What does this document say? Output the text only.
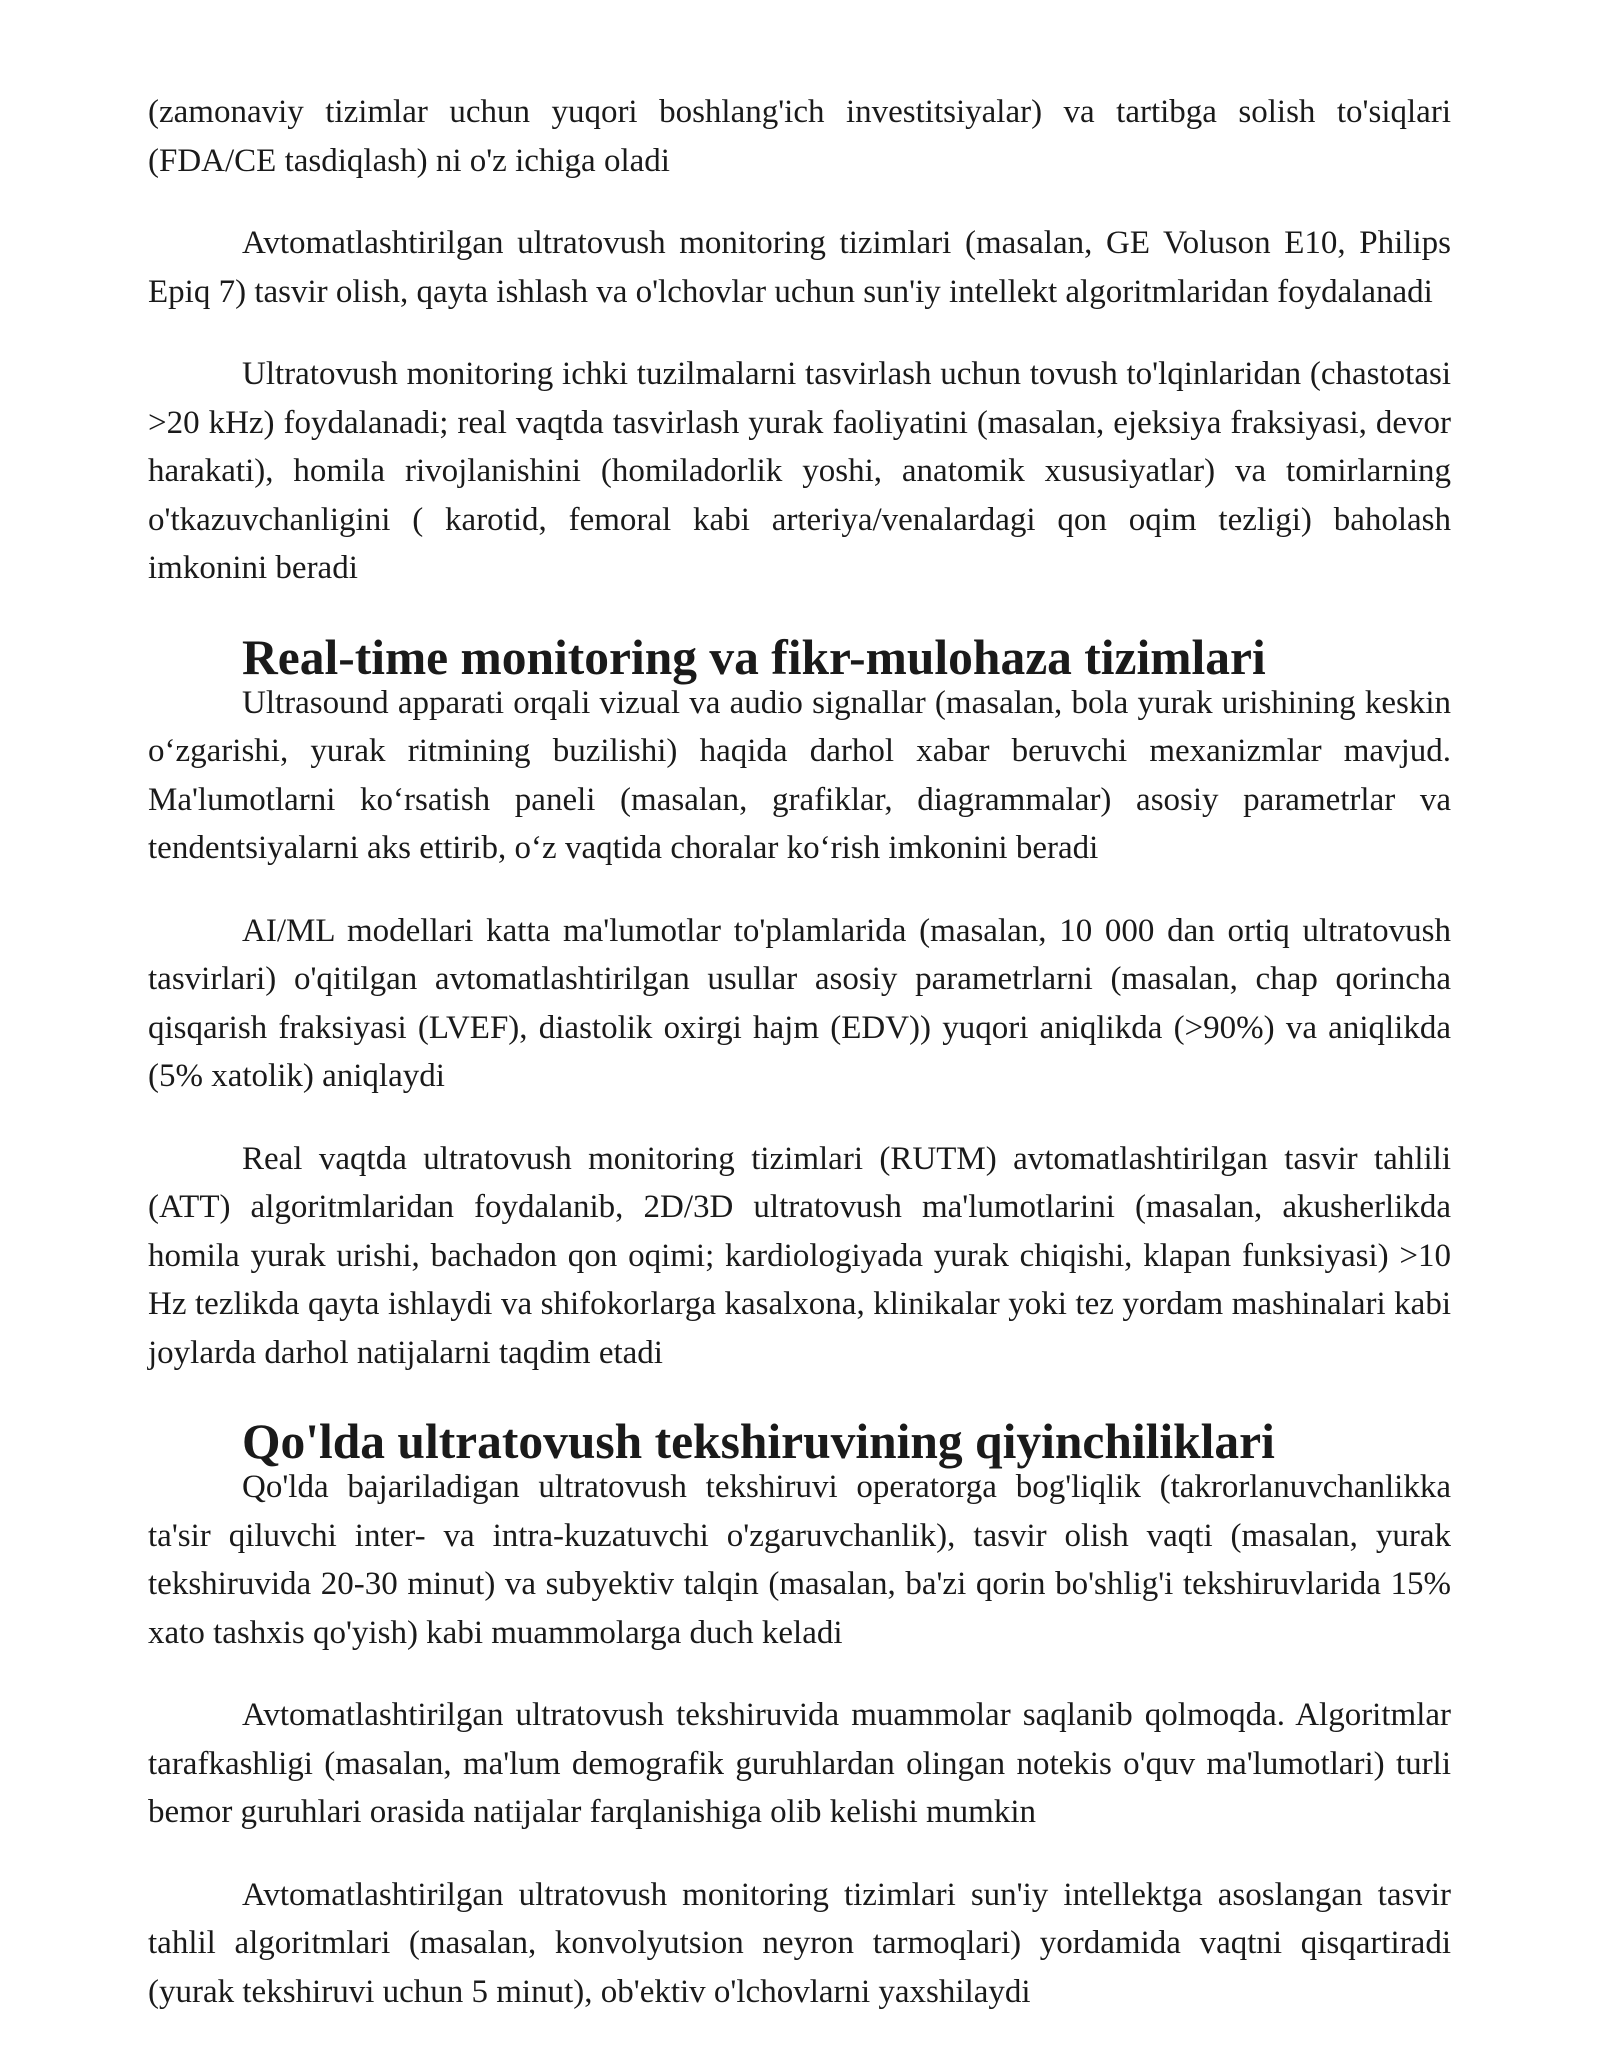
(zamonaviy tizimlar uchun yuqori boshlang'ich investitsiyalar) va tartibga solish to'siqlari (FDA/CE tasdiqlash) ni o'z ichiga oladi

Avtomatlashtirilgan ultratovush monitoring tizimlari (masalan, GE Voluson E10, Philips Epiq 7) tasvir olish, qayta ishlash va o'lchovlar uchun sun'iy intellekt algoritmlaridan foydalanadi

Ultratovush monitoring ichki tuzilmalarni tasvirlash uchun tovush to'lqinlaridan (chastotasi >20 kHz) foydalanadi; real vaqtda tasvirlash yurak faoliyatini (masalan, ejeksiya fraksiyasi, devor harakati), homila rivojlanishini (homiladorlik yoshi, anatomik xususiyatlar) va tomirlarning o'tkazuvchanligini ( karotid, femoral kabi arteriya/venalardagi qon oqim tezligi) baholash imkonini beradi

Real-time monitoring va fikr-mulohaza tizimlari

Ultrasound apparati orqali vizual va audio signallar (masalan, bola yurak urishining keskin o‘zgarishi, yurak ritmining buzilishi) haqida darhol xabar beruvchi mexanizmlar mavjud. Ma'lumotlarni ko‘rsatish paneli (masalan, grafiklar, diagrammalar) asosiy parametrlar va tendentsiyalarni aks ettirib, o‘z vaqtida choralar ko‘rish imkonini beradi

AI/ML modellari katta ma'lumotlar to'plamlarida (masalan, 10 000 dan ortiq ultratovush tasvirlari) o'qitilgan avtomatlashtirilgan usullar asosiy parametrlarni (masalan, chap qorincha qisqarish fraksiyasi (LVEF), diastolik oxirgi hajm (EDV)) yuqori aniqlikda (>90%) va aniqlikda (5% xatolik) aniqlaydi

Real vaqtda ultratovush monitoring tizimlari (RUTM) avtomatlashtirilgan tasvir tahlili (ATT) algoritmlaridan foydalanib, 2D/3D ultratovush ma'lumotlarini (masalan, akusherlikda homila yurak urishi, bachadon qon oqimi; kardiologiyada yurak chiqishi, klapan funksiyasi) >10 Hz tezlikda qayta ishlaydi va shifokorlarga kasalxona, klinikalar yoki tez yordam mashinalari kabi joylarda darhol natijalarni taqdim etadi

Qo'lda ultratovush tekshiruvining qiyinchiliklari

Qo'lda bajariladigan ultratovush tekshiruvi operatorga bog'liqlik (takrorlanuvchanlikka ta'sir qiluvchi inter- va intra-kuzatuvchi o'zgaruvchanlik), tasvir olish vaqti (masalan, yurak tekshiruvida 20-30 minut) va subyektiv talqin (masalan, ba'zi qorin bo'shlig'i tekshiruvlarida 15% xato tashxis qo'yish) kabi muammolarga duch keladi

Avtomatlashtirilgan ultratovush tekshiruvida muammolar saqlanib qolmoqda. Algoritmlar tarafkashligi (masalan, ma'lum demografik guruhlardan olingan notekis o'quv ma'lumotlari) turli bemor guruhlari orasida natijalar farqlanishiga olib kelishi mumkin

Avtomatlashtirilgan ultratovush monitoring tizimlari sun'iy intellektga asoslangan tasvir tahlil algoritmlari (masalan, konvolyutsion neyron tarmoqlari) yordamida vaqtni qisqartiradi (yurak tekshiruvi uchun 5 minut), ob'ektiv o'lchovlarni yaxshilaydi
